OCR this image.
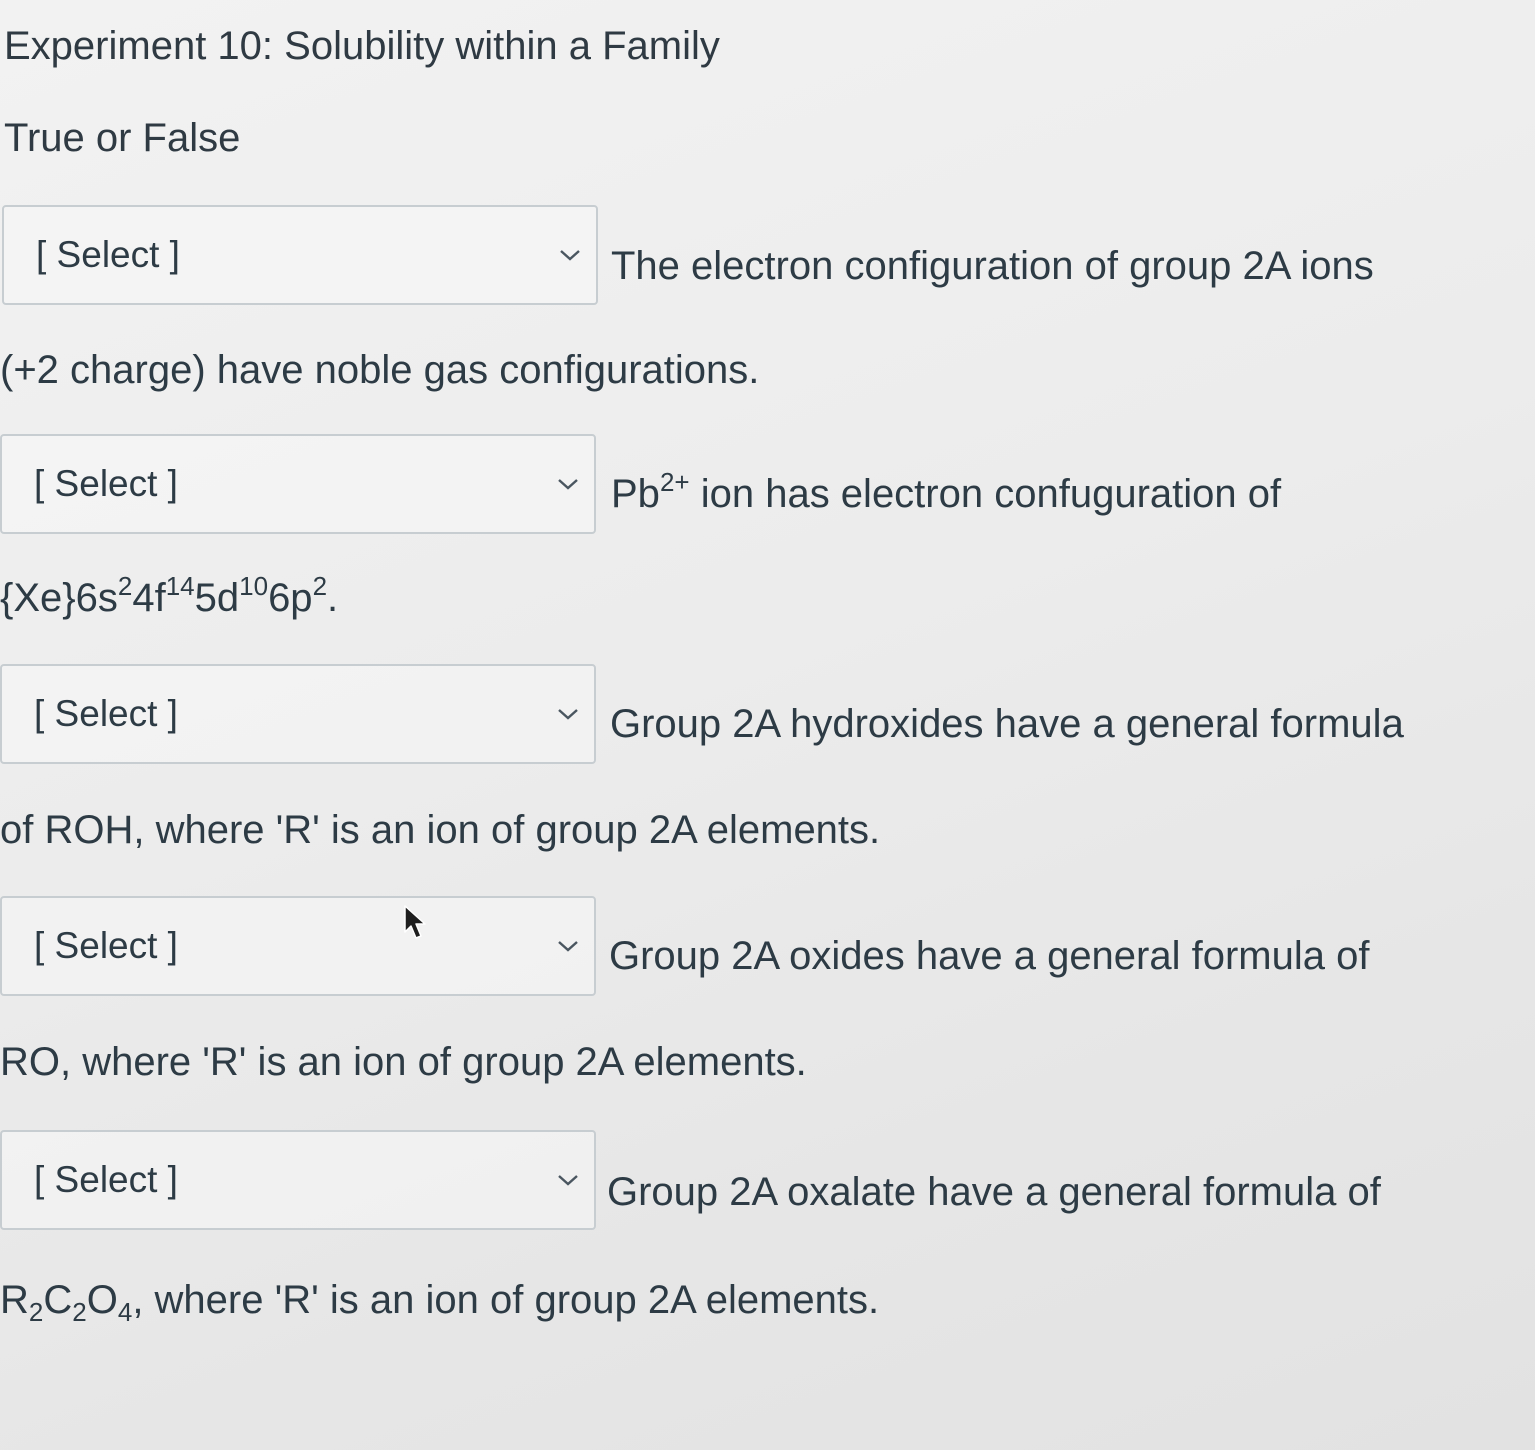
Experiment 10: Solubility within a Family
True or False
[ Select ]	The electron configuration of group 2A ions
(+2 charge) have noble gas configurations.
[ Select ]	$Pb^{2+}$ ion has electron confuguration of
$\{Xe\}6s^24f^{14}5d^{10}6p^2$.
[ Select ]	Group 2A hydroxides have a general formula
of ROH, where 'R' is an ion of group 2A elements.
[ Select ]	Group 2A oxides have a general formula of
RO, where 'R' is an ion of group 2A elements.
[ Select ]	Group 2A oxalate have a general formula of
$R_2C_2O_4$, where 'R' is an ion of group 2A elements.
